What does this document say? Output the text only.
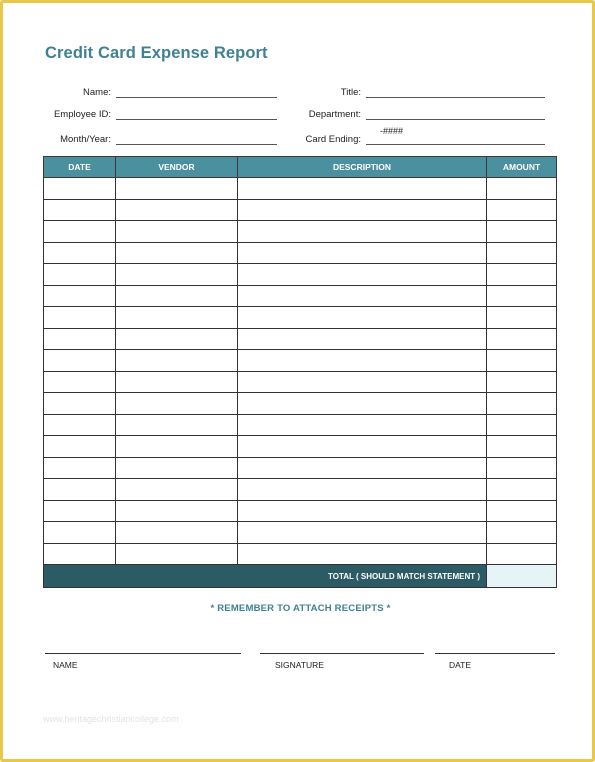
Credit Card Expense Report
Name:
Employee ID:
Month/Year:
Title:
Department:
Card Ending:
-####
DATE	VENDOR	DESCRIPTION	AMOUNT

TOTAL ( SHOULD MATCH STATEMENT )			
* REMEMBER TO ATTACH RECEIPTS *
NAME	SIGNATURE	DATE
www.heritagechristiancollege.com
